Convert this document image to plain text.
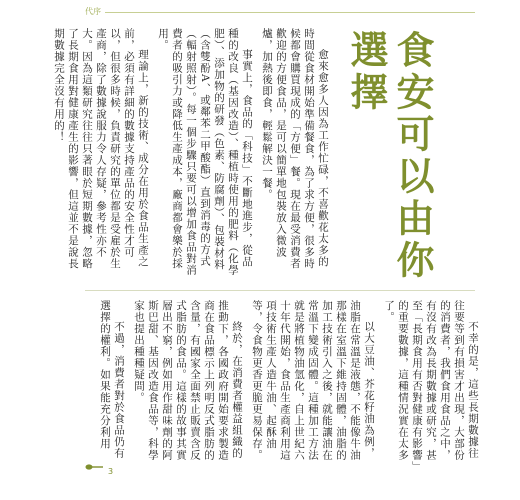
代序
食安可以由你選擇

愈來愈多人因為工作忙碌，不喜歡花太多的時間從食材開始準備餐食，為了求方便，很多時候都會購買現成的「方便」餐。現在最受消費者歡迎的方便食品，是可以簡單地包裝放入微波爐，加熱後即食，輕鬆解決一餐。

事實上，食品的「科技」不斷地進步，從品種的改良（基因改造）、種植時使用的肥料（化學肥）、添加物的研發（色素、防腐劑）、包裝材料（含雙酚A、或鄰苯二甲酸酯）直到消毒的方式（輻射照射）。每一個步驟只要可以增加食品對消費者的吸引力或降低生產成本，廠商都會樂於採用。

理論上，新的技術、成分在用於食品生產之前，必須有詳細的數據支持產品的安全性才可以，但很多時候，負責研究的單位都是受雇於生產商，除了數據說服力令人存疑，參考性亦不大。因為這類研究往往只著眼於短期數據，忽略了長期食用對健康產生的影響，但這並不是說長期數據完全沒有用的！

不幸的是，這些長期數據往往要等到有損害才出現，大部份的消費者，我們食用食品之中，有沒有改為長期數據或研究，甚至「長期食用有否對健康有影響」的重要數據，這種情況實在太多了。

以大豆油、芥花籽油為例，油脂在常溫是液態，不能像牛油那樣在室溫下維持固體，油脂的加工技術引入之後，就能讓油在常溫下變成固體。這種加工方法就是將植物油氫化，自上世紀六十年代開始，食品生產商利用這項技術生產人造牛油、起酥油等，令食物更香更脆更易保存。

終於，在消費者權益組織的推動下，各國政府開始要求製造商在食品標示上列明反式脂肪的含量，有國家全面禁止販賣含反式脂肪的食品。這樣的故事其實層出不窮，例如用作甜味劑的阿斯巴甜、基因改造食品等，科學家也提出種種疑問。

不過，消費者對於食品仍有選擇的權利。如果能充分利用

3
